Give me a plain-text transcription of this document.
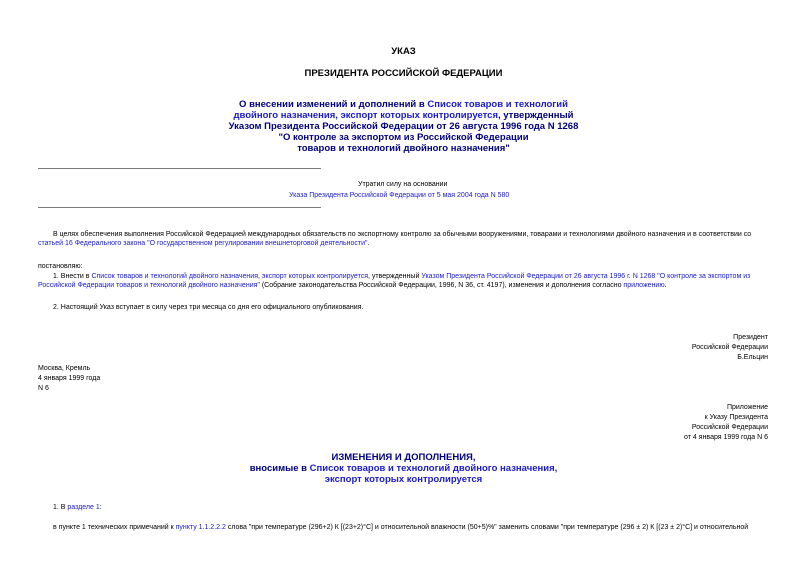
УКАЗ
ПРЕЗИДЕНТА РОССИЙСКОЙ ФЕДЕРАЦИИ
О внесении изменений и дополнений в Список товаров и технологий
двойного назначения, экспорт которых контролируется, утвержденный
Указом Президента Российской Федерации от 26 августа 1996 года N 1268
"О контроле за экспортом из Российской Федерации
товаров и технологий двойного назначения"
Утратил силу на основании
Указа Президента Российской Федерации от 5 мая 2004 года N 580
В целях обеспечения выполнения Российской Федерацией международных обязательств по экспортному контролю за обычными вооружениями, товарами и технологиями двойного назначения и в соответствии со статьей 16 Федерального закона "О государственном регулировании внешнеторговой деятельности".
постановляю:
1. Внести в Список товаров и технологий двойного назначения, экспорт которых контролируется, утвержденный Указом Президента Российской Федерации от 26 августа 1996 г. N 1268 "О контроле за экспортом из Российской Федерации товаров и технологий двойного назначения" (Собрание законодательства Российской Федерации, 1996, N 36, ст. 4197), изменения и дополнения согласно приложению.
2. Настоящий Указ вступает в силу через три месяца со дня его официального опубликования.
Президент
Российской Федерации
Б.Ельцин
Москва, Кремль
4 января 1999 года
N 6
Приложение
к Указу Президента
Российской Федерации
от 4 января 1999 года N 6
ИЗМЕНЕНИЯ И ДОПОЛНЕНИЯ,
вносимые в Список товаров и технологий двойного назначения,
экспорт которых контролируется
1. В разделе 1:
в пункте 1 технических примечаний к пункту 1.1.2.2.2 слова "при температуре (296+2) К [(23+2)°C] и относительной влажности (50+5)%" заменить словами "при температуре (296 ± 2) К [(23 ± 2)°C] и относительной
